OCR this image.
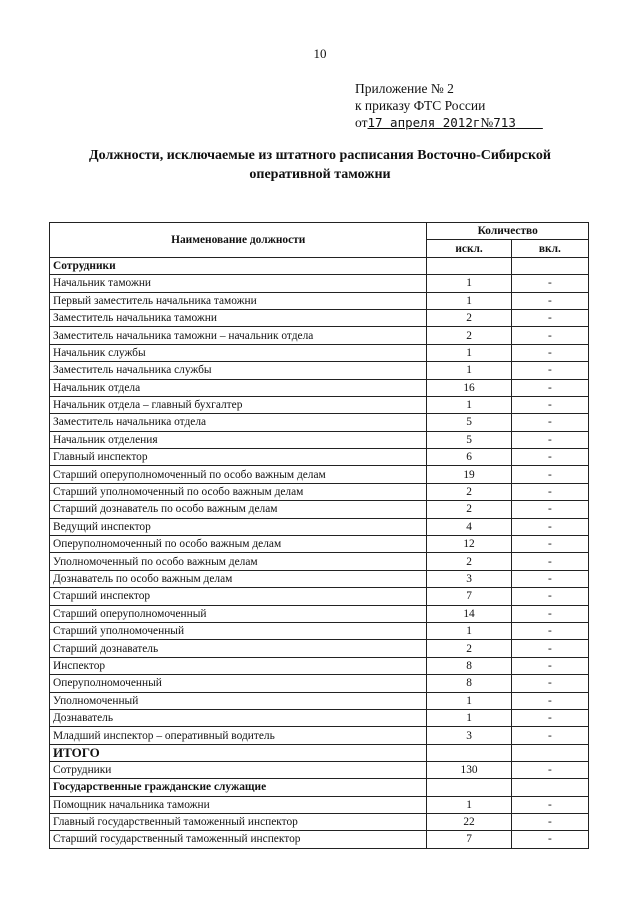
10
Приложение № 2
к приказу ФТС России
от17 апреля 2012г№713
Должности, исключаемые из штатного расписания Восточно-Сибирской
оперативной таможни
Наименование должности	Количество	
	искл.	вкл.
Сотрудники		
Начальник таможни	1	-
Первый заместитель начальника таможни	1	-
Заместитель начальника таможни	2	-
Заместитель начальника таможни – начальник отдела	2	-
Начальник службы	1	-
Заместитель начальника службы	1	-
Начальник отдела	16	-
Начальник отдела – главный бухгалтер	1	-
Заместитель начальника отдела	5	-
Начальник отделения	5	-
Главный инспектор	6	-
Старший оперуполномоченный по особо важным делам	19	-
Старший уполномоченный по особо важным делам	2	-
Старший дознаватель по особо важным делам	2	-
Ведущий инспектор	4	-
Оперуполномоченный по особо важным делам	12	-
Уполномоченный по особо важным делам	2	-
Дознаватель по особо важным делам	3	-
Старший инспектор	7	-
Старший оперуполномоченный	14	-
Старший уполномоченный	1	-
Старший дознаватель	2	-
Инспектор	8	-
Оперуполномоченный	8	-
Уполномоченный	1	-
Дознаватель	1	-
Младший инспектор – оперативный водитель	3	-
ИТОГО		
Сотрудники	130	-
Государственные гражданские служащие		
Помощник начальника таможни	1	-
Главный государственный таможенный инспектор	22	-
Старший государственный таможенный инспектор	7	-
